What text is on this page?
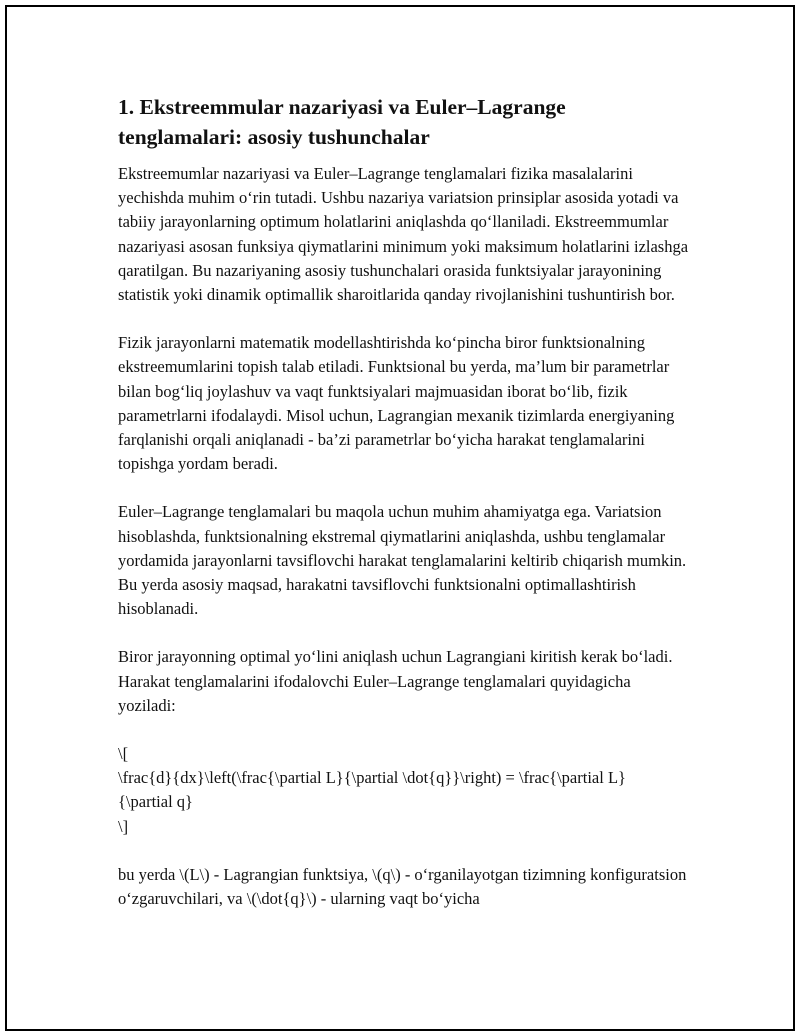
1. Ekstreemmular nazariyasi va Euler–Lagrange tenglamalari: asosiy tushunchalar

Ekstreemumlar nazariyasi va Euler–Lagrange tenglamalari fizika masalalarini yechishda muhim o‘rin tutadi. Ushbu nazariya variatsion prinsiplar asosida yotadi va tabiiy jarayonlarning optimum holatlarini aniqlashda qo‘llaniladi. Ekstreemmumlar nazariyasi asosan funksiya qiymatlarini minimum yoki maksimum holatlarini izlashga qaratilgan. Bu nazariyaning asosiy tushunchalari orasida funktsiyalar jarayonining statistik yoki dinamik optimallik sharoitlarida qanday rivojlanishini tushuntirish bor.

Fizik jarayonlarni matematik modellashtirishda ko‘pincha biror funktsionalning ekstreemumlarini topish talab etiladi. Funktsional bu yerda, ma’lum bir parametrlar bilan bog‘liq joylashuv va vaqt funktsiyalari majmuasidan iborat bo‘lib, fizik parametrlarni ifodalaydi. Misol uchun, Lagrangian mexanik tizimlarda energiyaning farqlanishi orqali aniqlanadi - ba’zi parametrlar bo‘yicha harakat tenglamalarini topishga yordam beradi.

Euler–Lagrange tenglamalari bu maqola uchun muhim ahamiyatga ega. Variatsion hisoblashda, funktsionalning ekstremal qiymatlarini aniqlashda, ushbu tenglamalar yordamida jarayonlarni tavsiflovchi harakat tenglamalarini keltirib chiqarish mumkin. Bu yerda asosiy maqsad, harakatni tavsiflovchi funktsionalni optimallashtirish hisoblanadi.

Biror jarayonning optimal yo‘lini aniqlash uchun Lagrangiani kiritish kerak bo‘ladi. Harakat tenglamalarini ifodalovchi Euler–Lagrange tenglamalari quyidagicha yoziladi:

\[
\frac{d}{dx}\left(\frac{\partial L}{\partial \dot{q}}\right) = \frac{\partial L}
{\partial q}
\]

bu yerda \(L\) - Lagrangian funktsiya, \(q\) - o‘rganilayotgan tizimning konfiguratsion o‘zgaruvchilari, va \(\dot{q}\) - ularning vaqt bo‘yicha
